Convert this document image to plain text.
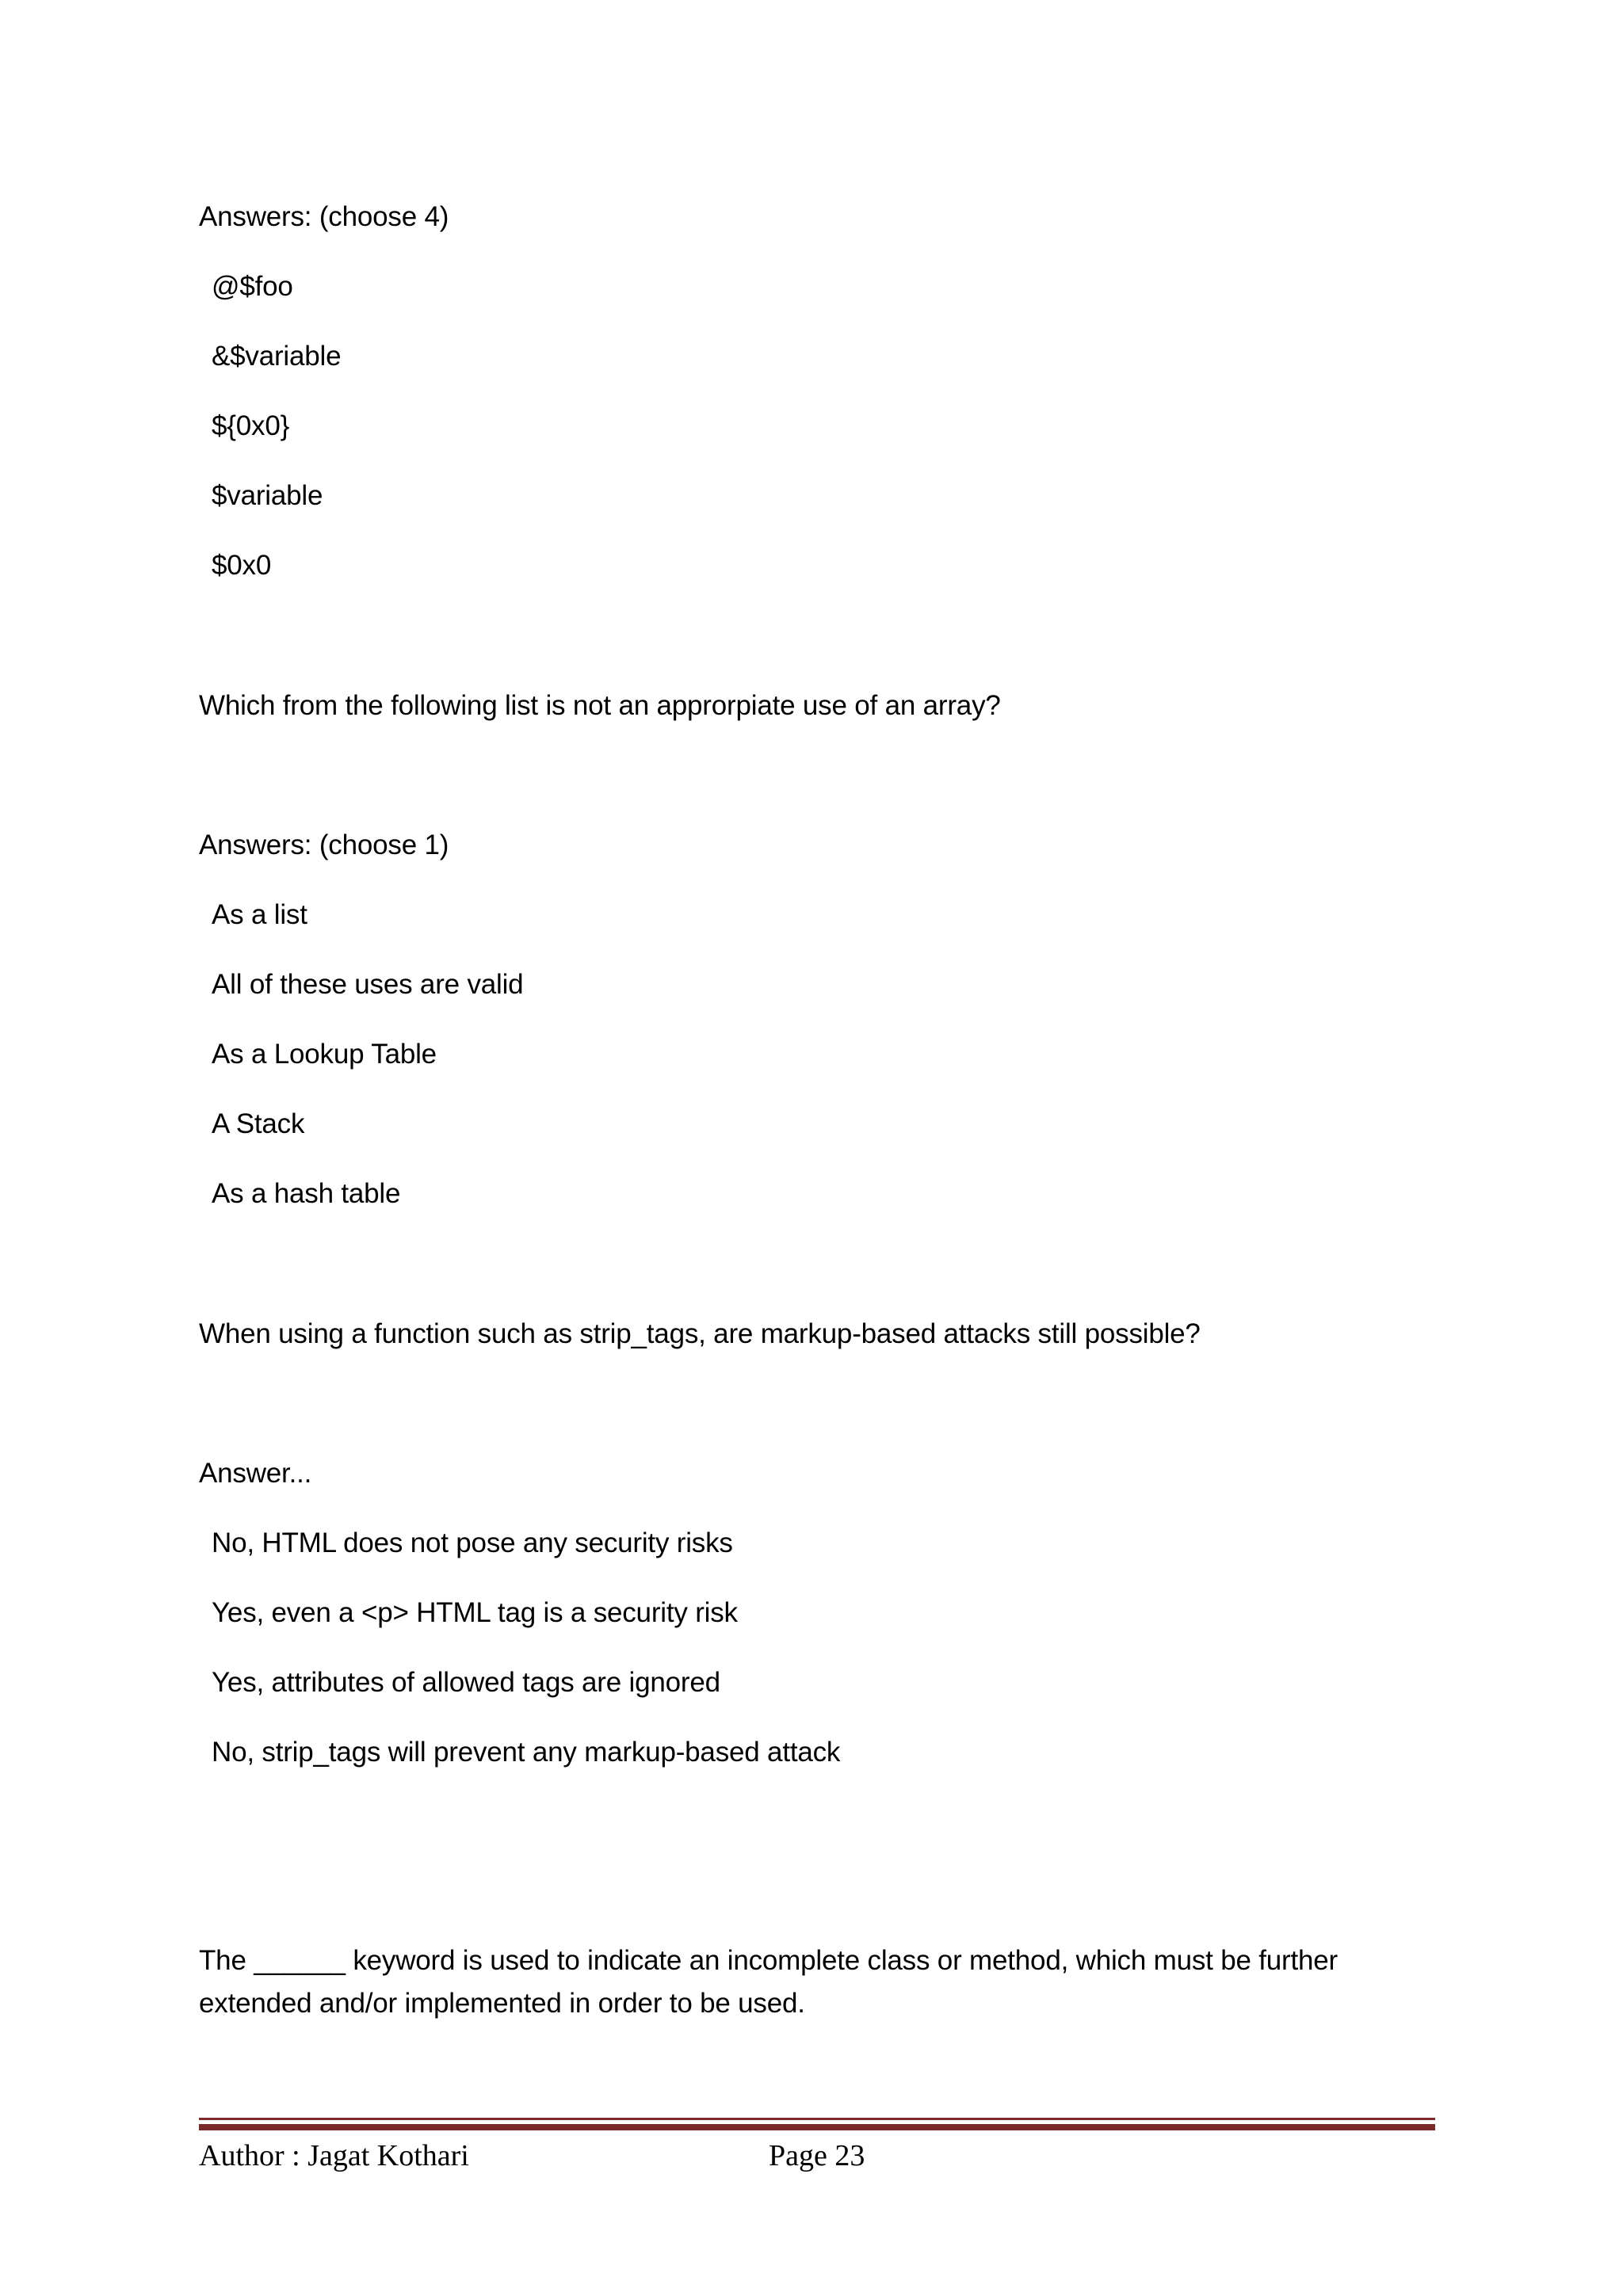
Answers: (choose 4)
@$foo
&$variable
${0x0}
$variable
$0x0
Which from the following list is not an approrpiate use of an array?
Answers: (choose 1)
As a list
All of these uses are valid
As a Lookup Table
A Stack
As a hash table
When using a function such as strip_tags, are markup-based attacks still possible?
Answer...
No, HTML does not pose any security risks
Yes, even a <p> HTML tag is a security risk
Yes, attributes of allowed tags are ignored
No, strip_tags will prevent any markup-based attack
The ______ keyword is used to indicate an incomplete class or method, which must be further extended and/or implemented in order to be used.
Author : Jagat Kothari	Page 23
